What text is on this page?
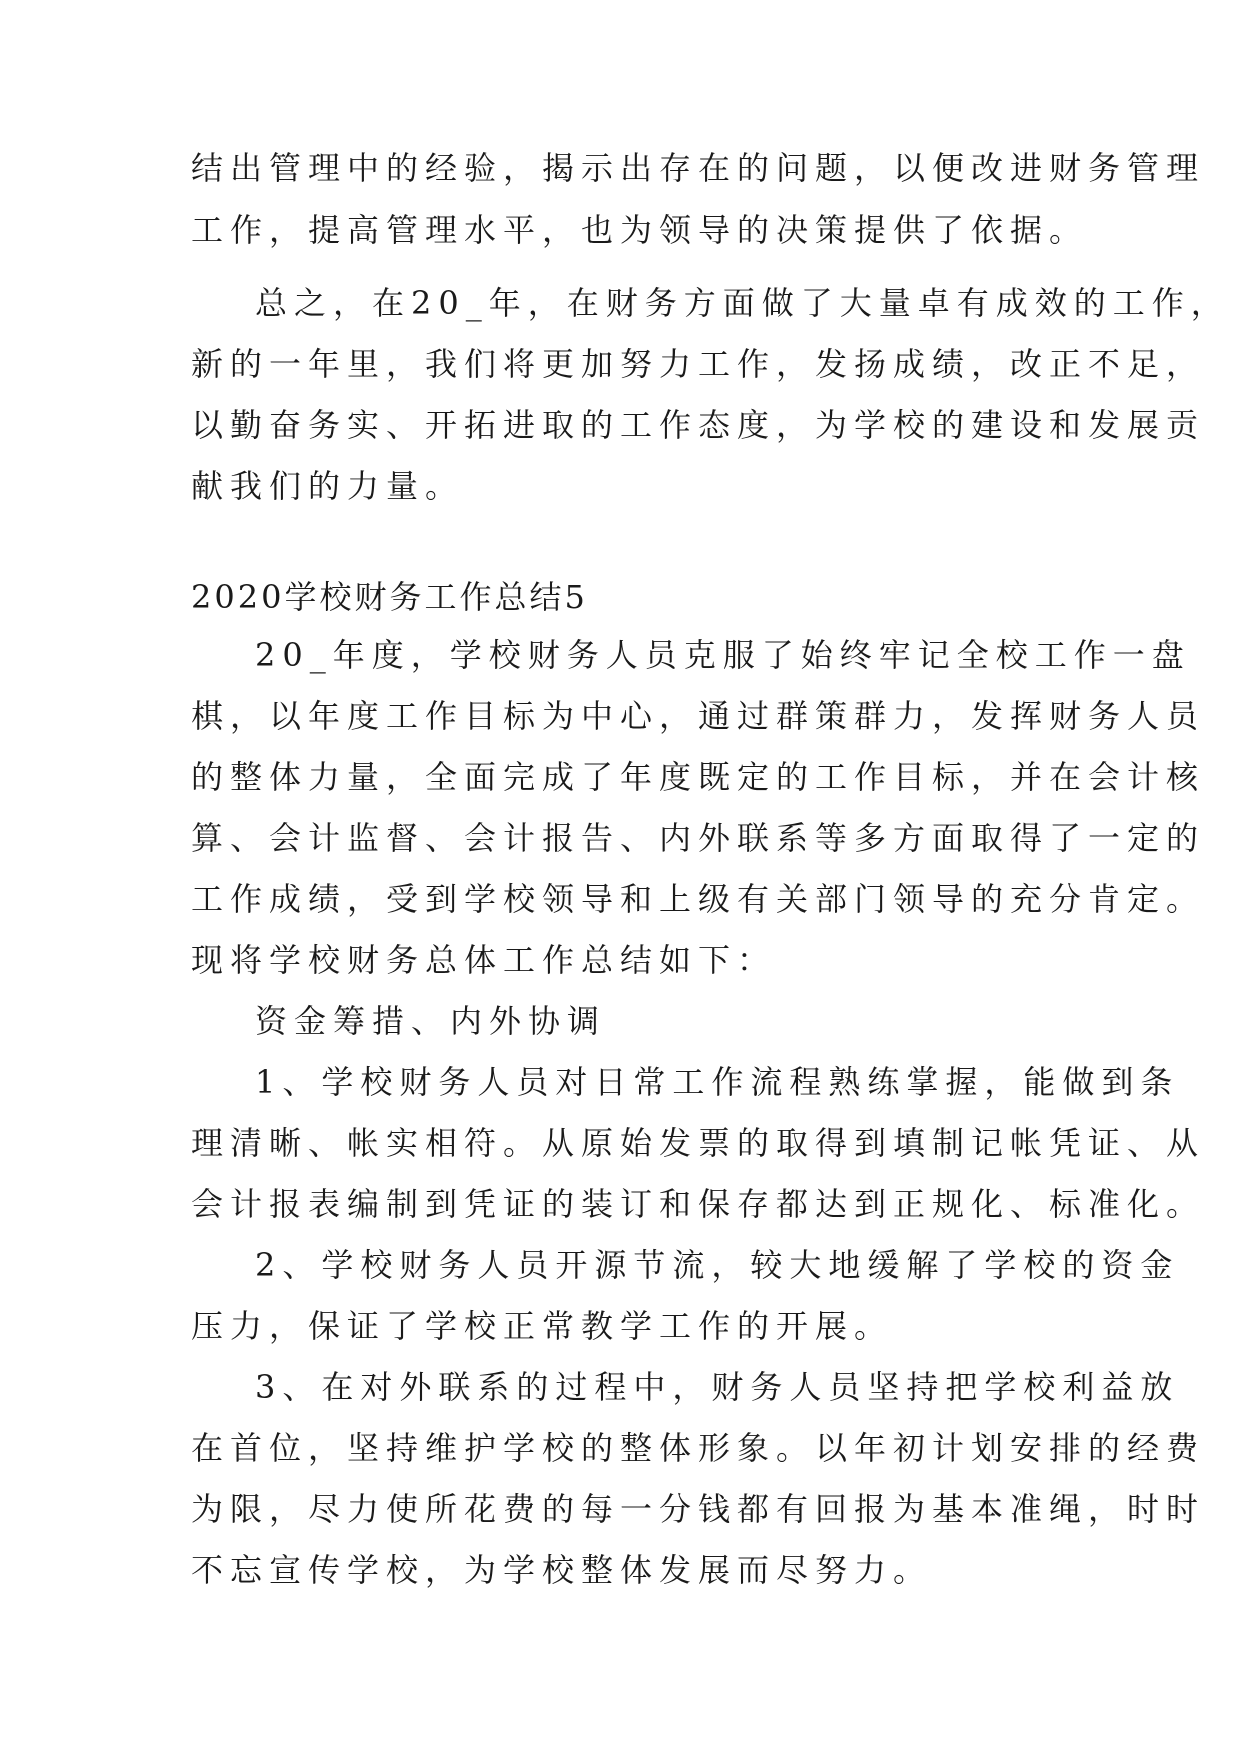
结出管理中的经验，揭示出存在的问题，以便改进财务管理
工作，提高管理水平，也为领导的决策提供了依据。
总之，在20_年，在财务方面做了大量卓有成效的工作，
新的一年里，我们将更加努力工作，发扬成绩，改正不足，
以勤奋务实、开拓进取的工作态度，为学校的建设和发展贡
献我们的力量。
2020学校财务工作总结5
20_年度，学校财务人员克服了始终牢记全校工作一盘
棋，以年度工作目标为中心，通过群策群力，发挥财务人员
的整体力量，全面完成了年度既定的工作目标，并在会计核
算、会计监督、会计报告、内外联系等多方面取得了一定的
工作成绩，受到学校领导和上级有关部门领导的充分肯定。
现将学校财务总体工作总结如下：
资金筹措、内外协调
1、学校财务人员对日常工作流程熟练掌握，能做到条
理清晰、帐实相符。从原始发票的取得到填制记帐凭证、从
会计报表编制到凭证的装订和保存都达到正规化、标准化。
2、学校财务人员开源节流，较大地缓解了学校的资金
压力，保证了学校正常教学工作的开展。
3、在对外联系的过程中，财务人员坚持把学校利益放
在首位，坚持维护学校的整体形象。以年初计划安排的经费
为限，尽力使所花费的每一分钱都有回报为基本准绳，时时
不忘宣传学校，为学校整体发展而尽努力。
